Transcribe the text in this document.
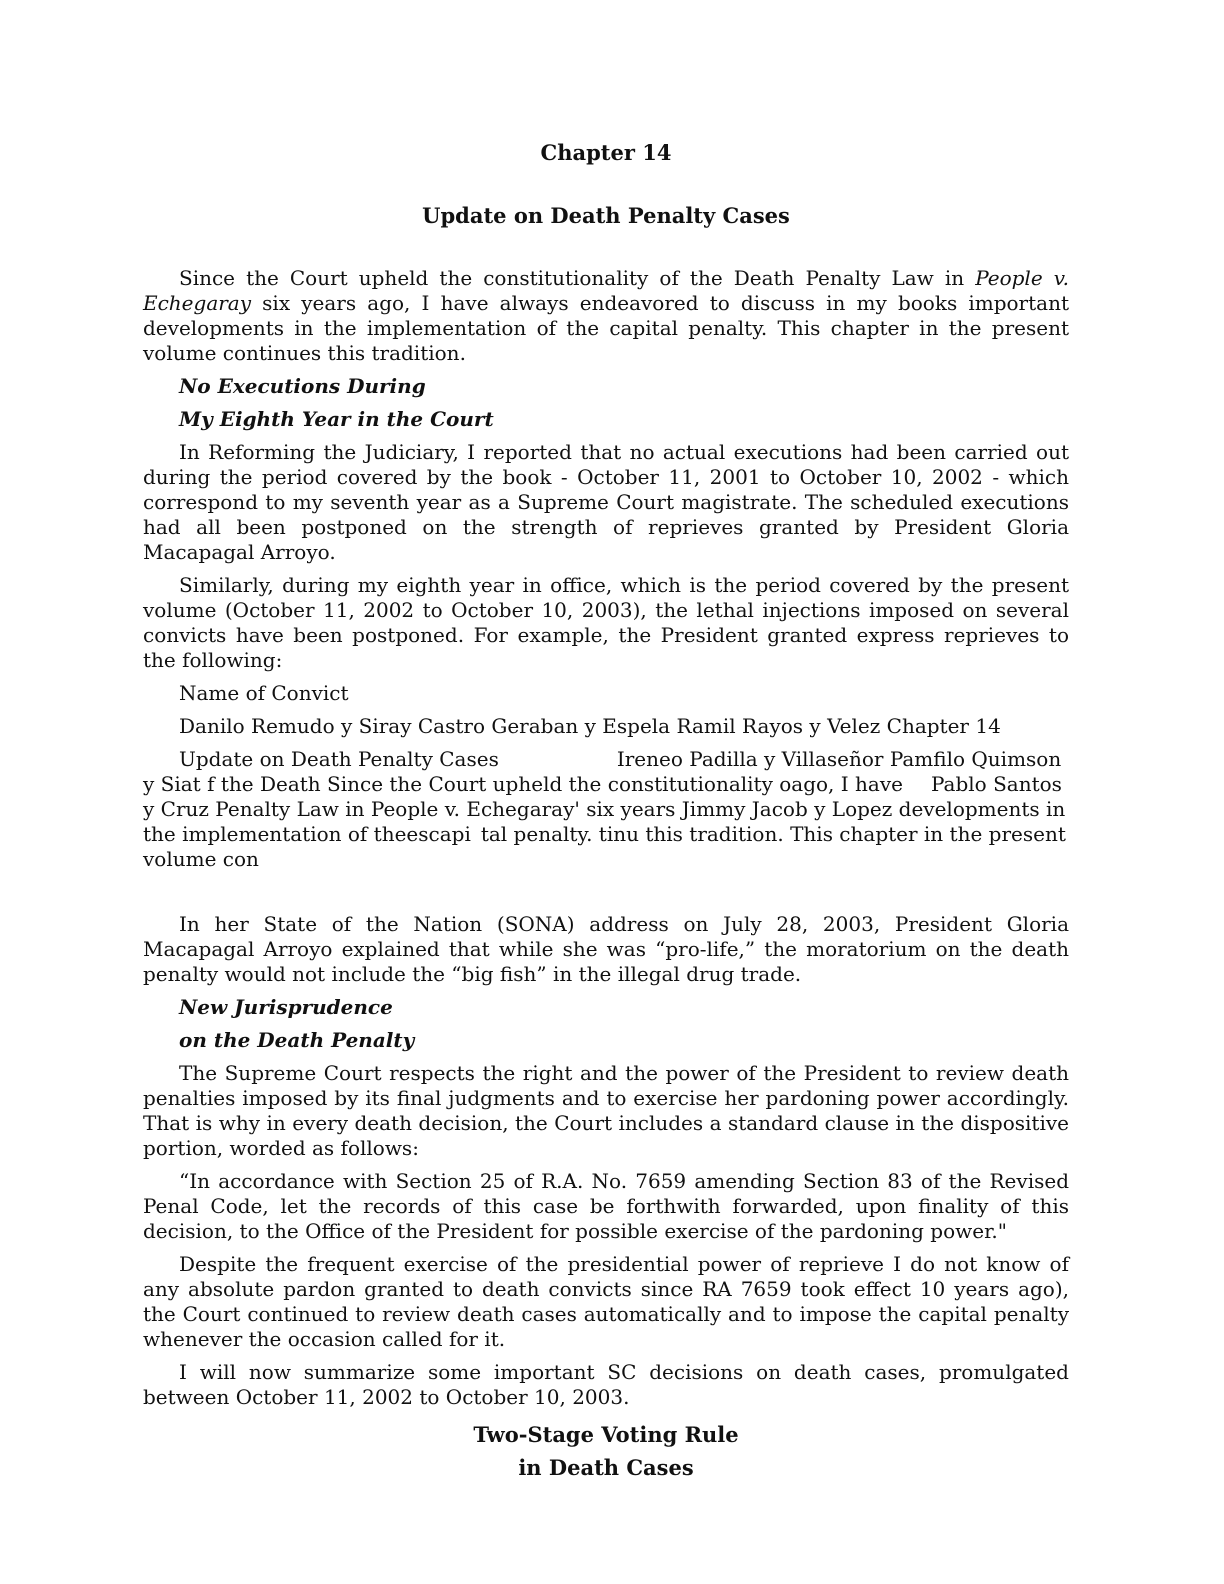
Chapter 14

Update on Death Penalty Cases

Since the Court upheld the constitutionality of the Death Penalty Law in People v. Echegaray six years ago, I have always endeavored to discuss in my books important developments in the implementation of the capital penalty. This chapter in the present volume continues this tradition.

No Executions During

My Eighth Year in the Court

In Reforming the Judiciary, I reported that no actual executions had been carried out during the period covered by the book - October 11, 2001 to October 10, 2002 - which correspond to my seventh year as a Supreme Court magistrate. The scheduled executions had all been postponed on the strength of reprieves granted by President Gloria Macapagal Arroyo.

Similarly, during my eighth year in office, which is the period covered by the present volume (October 11, 2002 to October 10, 2003), the lethal injections imposed on several convicts have been postponed. For example, the President granted express reprieves to the following:

Name of Convict

Danilo Remudo y Siray Castro Geraban y Espela Ramil Rayos y Velez Chapter 14

Update on Death Penalty Cases	Ireneo Padilla y Villaseñor Pamfilo Quimson y Siat f the Death Since the Court upheld the constitutionality oago, I have Pablo Santos y Cruz Penalty Law in People v. Echegaray' six years Jimmy Jacob y Lopez developments in the implementation of theescapi tal penalty. tinu this tradition. This chapter in the present volume con

In her State of the Nation (SONA) address on July 28, 2003, President Gloria Macapagal Arroyo explained that while she was “pro-life,” the moratorium on the death penalty would not include the “big fish” in the illegal drug trade.

New Jurisprudence

on the Death Penalty

The Supreme Court respects the right and the power of the President to review death penalties imposed by its final judgments and to exercise her pardoning power accordingly. That is why in every death decision, the Court includes a standard clause in the dispositive portion, worded as follows:

“In accordance with Section 25 of R.A. No. 7659 amending Section 83 of the Revised Penal Code, let the records of this case be forthwith forwarded, upon finality of this decision, to the Office of the President for possible exercise of the pardoning power."

Despite the frequent exercise of the presidential power of reprieve I do not know of any absolute pardon granted to death convicts since RA 7659 took effect 10 years ago), the Court continued to review death cases automatically and to impose the capital penalty whenever the occasion called for it.

I will now summarize some important SC decisions on death cases, promulgated between October 11, 2002 to October 10, 2003.

Two-Stage Voting Rule

in Death Cases
